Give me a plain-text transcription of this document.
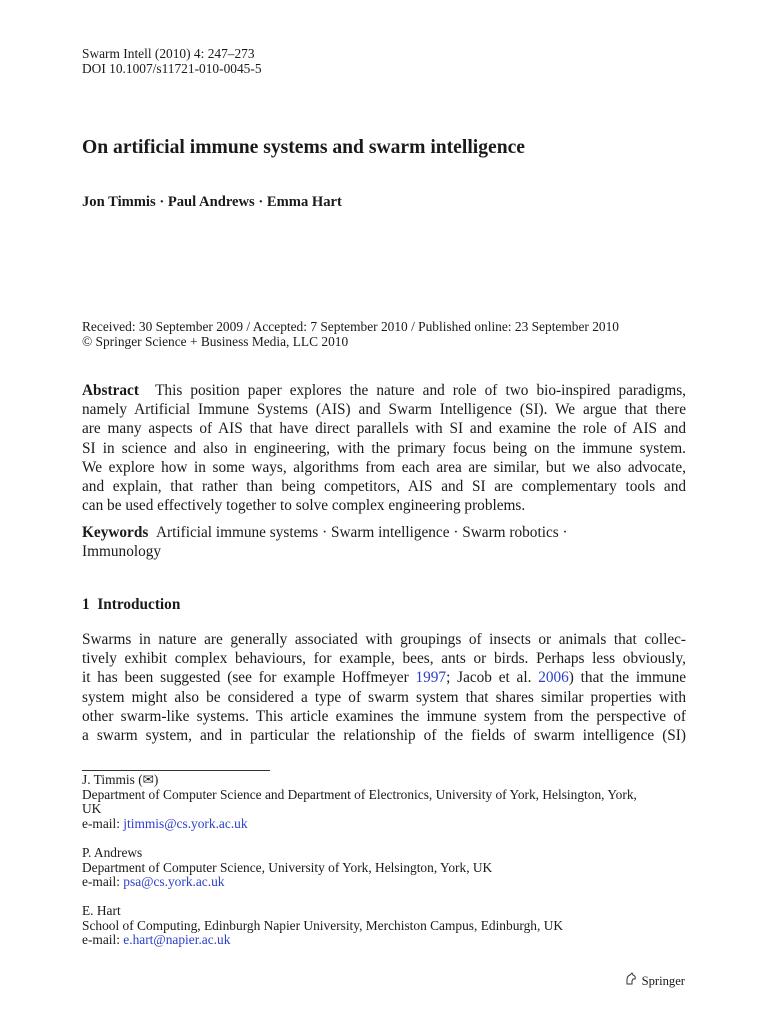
Swarm Intell (2010) 4: 247–273
DOI 10.1007/s11721-010-0045-5
On artificial immune systems and swarm intelligence
Jon Timmis · Paul Andrews · Emma Hart
Received: 30 September 2009 / Accepted: 7 September 2010 / Published online: 23 September 2010
© Springer Science + Business Media, LLC 2010
Abstract This position paper explores the nature and role of two bio-inspired paradigms,
namely Artificial Immune Systems (AIS) and Swarm Intelligence (SI). We argue that there
are many aspects of AIS that have direct parallels with SI and examine the role of AIS and
SI in science and also in engineering, with the primary focus being on the immune system.
We explore how in some ways, algorithms from each area are similar, but we also advocate,
and explain, that rather than being competitors, AIS and SI are complementary tools and
can be used effectively together to solve complex engineering problems.
Keywords Artificial immune systems · Swarm intelligence · Swarm robotics ·
Immunology
1 Introduction
Swarms in nature are generally associated with groupings of insects or animals that collec-
tively exhibit complex behaviours, for example, bees, ants or birds. Perhaps less obviously,
it has been suggested (see for example Hoffmeyer 1997; Jacob et al. 2006) that the immune
system might also be considered a type of swarm system that shares similar properties with
other swarm-like systems. This article examines the immune system from the perspective of
a swarm system, and in particular the relationship of the fields of swarm intelligence (SI)
J. Timmis (✉)
Department of Computer Science and Department of Electronics, University of York, Helsington, York,
UK
e-mail: jtimmis@cs.york.ac.uk
P. Andrews
Department of Computer Science, University of York, Helsington, York, UK
e-mail: psa@cs.york.ac.uk
E. Hart
School of Computing, Edinburgh Napier University, Merchiston Campus, Edinburgh, UK
e-mail: e.hart@napier.ac.uk
Springer
